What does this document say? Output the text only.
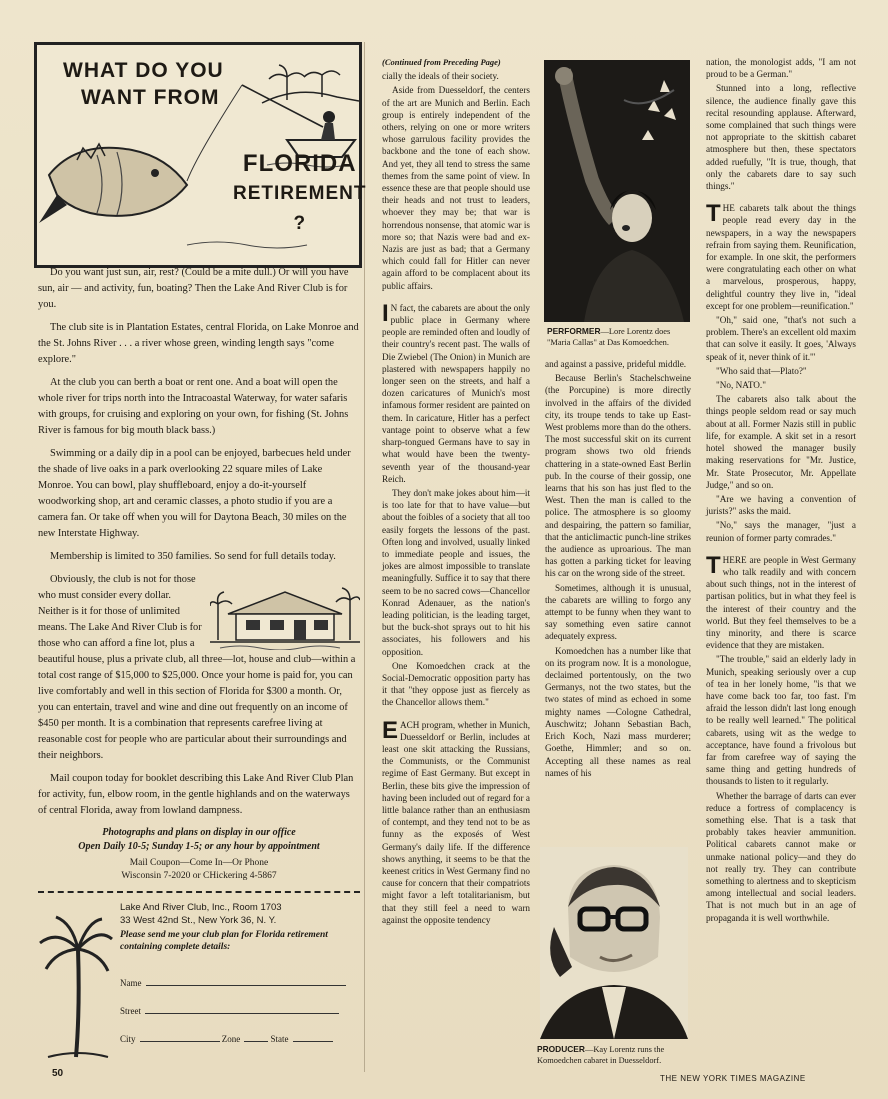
WHAT DO YOU
WANT FROM
FLORIDA
RETIREMENT ?

Do you want just sun, air, rest? (Could be a mite dull.) Or will you have sun, air — and activity, fun, boating? Then the Lake And River Club is for you.

The club site is in Plantation Estates, central Florida, on Lake Monroe and the St. Johns River . . . a river whose green, winding length says "come explore."

At the club you can berth a boat or rent one. And a boat will open the whole river for trips north into the Intracoastal Waterway, for water safaris with groups, for cruising and exploring on your own, for fishing (St. Johns River is famous for big mouth black bass.)

Swimming or a daily dip in a pool can be enjoyed, barbecues held under the shade of live oaks in a park overlooking 22 square miles of Lake Monroe. You can bowl, play shuffleboard, enjoy a do-it-yourself woodworking shop, art and ceramic classes, a photo studio if you are a camera fan. Or take off when you will for Daytona Beach, 30 miles on the new Interstate Highway.

Membership is limited to 350 families. So send for full details today.

Obviously, the club is not for those who must consider every dollar. Neither is it for those of unlimited means. The Lake And River Club is for those who can afford a fine lot, plus a beautiful house, plus a private club, all three—lot, house and club—within a total cost range of $15,000 to $25,000. Once your home is paid for, you can live comfortably and well in this section of Florida for $300 a month. Or, you can entertain, travel and wine and dine out frequently on an income of $450 per month. It is a combination that represents carefree living at reasonable cost for people who are particular about their surroundings and their neighbors.

Mail coupon today for booklet describing this Lake And River Club Plan for activity, fun, elbow room, in the gentle highlands and on the waterways of central Florida, away from lowland dampness.

Photographs and plans on display in our office
Open Daily 10-5; Sunday 1-5; or any hour by appointment
Mail Coupon—Come In—Or Phone
Wisconsin 7-2020 or CHickering 4-5867
Lake And River Club, Inc., Room 1703
33 West 42nd St., New York 36, N. Y.
Please send me your club plan for Florida retirement containing complete details:
Name
Street
City	Zone	State

(Continued from Preceding Page)

cially the ideals of their society.

Aside from Duesseldorf, the centers of the art are Munich and Berlin. Each group is entirely independent of the others, relying on one or more writers whose garrulous facility provides the backbone and the tone of each show. And yet, they all tend to stress the same themes from the same point of view. In essence these are that people should use their heads and not trust to leaders, whoever they may be; that war is horrendous nonsense, that atomic war is more so; that Nazis were bad and ex-Nazis are just as bad; that a Germany which could fall for Hitler can never again afford to be complacent about its public affairs.

I N fact, the cabarets are about the only public place in Germany where people are reminded often and loudly of their country's recent past. The walls of Die Zwiebel (The Onion) in Munich are plastered with newspapers happily no longer seen on the streets, and half a dozen caricatures of Munich's most infamous former resident are painted on them. In caricature, Hitler has a perfect vantage point to observe what a few sharp-tongued Germans have to say in what would have been the twenty-seventh year of the thousand-year Reich.

They don't make jokes about him—it is too late for that to have value—but about the foibles of a society that all too easily forgets the lessons of the past. Often long and involved, usually linked to immediate people and issues, the jokes are almost impossible to translate meaningfully. Suffice it to say that there seem to be no sacred cows—Chancellor Konrad Adenauer, as the nation's leading politician, is the leading target, but the buck-shot sprays out to hit his associates, his followers and his opposition.

One Komoedchen crack at the Social-Democratic opposition party has it that "they oppose just as fiercely as the Chancellor allows them."

EACH program, whether in Munich, Duesseldorf or Berlin, includes at least one skit attacking the Russians, the Communists, or the Communist regime of East Germany. But except in Berlin, these bits give the impression of having been included out of regard for a little balance rather than an enthusiasm of contempt, and they tend not to be as funny as the exposés of West Germany's daily life. If the difference shows anything, it seems to be that the keenest critics in West Germany find no cause for concern that their compatriots might favor a left totalitarianism, but that they still feel a need to warn against the opposite tendency

PERFORMER—Lore Lorentz does "Maria Callas" at Das Komoedchen.

and against a passive, prideful middle.

Because Berlin's Stachelschweine (the Porcupine) is more directly involved in the affairs of the divided city, its troupe tends to take up East-West problems more than do the others. The most successful skit on its current program shows two old friends chattering in a state-owned East Berlin pub. In the course of their gossip, one learns that his son has just fled to the West. Then the man is called to the police. The atmosphere is so gloomy and despairing, the pattern so familiar, that the anticlimactic punch-line strikes the audience as uproarious. The man has gotten a parking ticket for leaving his car on the wrong side of the street.

Sometimes, although it is unusual, the cabarets are willing to forgo any attempt to be funny when they want to say something even satire cannot adequately express.

Komoedchen has a number like that on its program now. It is a monologue, declaimed portentously, on the two Germanys, not the two states, but the two states of mind as echoed in some mighty names —Cologne Cathedral, Auschwitz; Johann Sebastian Bach, Erich Koch, Nazi mass murderer; Goethe, Himmler; and so on. Accepting all these names as real names of his

PRODUCER—Kay Lorentz runs the Komoedchen cabaret in Duesseldorf.

nation, the monologist adds, "I am not proud to be a German."

Stunned into a long, reflective silence, the audience finally gave this recital resounding applause. Afterward, some complained that such things were not appropriate to the skittish cabaret atmosphere but then, these spectators added ruefully, "It is true, though, that only the cabarets dare to say such things."

THE cabarets talk about the things people read every day in the newspapers, in a way the newspapers refrain from saying them. Reunification, for example. In one skit, the performers were congratulating each other on what a marvelous, prosperous, happy, delightful country they live in, "ideal except for one problem—reunification."

"Oh," said one, "that's not such a problem. There's an excellent old maxim that can solve it easily. It goes, 'Always speak of it, never think of it.'"

"Who said that—Plato?"

"No, NATO."

The cabarets also talk about the things people seldom read or say much about at all. Former Nazis still in public life, for example. A skit set in a resort hotel showed the manager busily making reservations for "Mr. Justice, Mr. State Prosecutor, Mr. Appellate Judge," and so on.

"Are we having a convention of jurists?" asks the maid.

"No," says the manager, "just a reunion of former party comrades."

THERE are people in West Germany who talk readily and with concern about such things, not in the interest of partisan politics, but in what they feel is the interest of their country and the world. But they feel themselves to be a tiny minority, and there is scarce evidence that they are mistaken.

"The trouble," said an elderly lady in Munich, speaking seriously over a cup of tea in her lonely home, "is that we have come back too far, too fast. I'm afraid the lesson didn't last long enough to be really well learned." The political cabarets, using wit as the wedge to acceptance, have found a frivolous but far from carefree way of saying the same thing and getting hundreds of thousands to listen to it regularly.

Whether the barrage of darts can ever reduce a fortress of complacency is something else. That is a task that probably takes heavier ammunition. Political cabarets cannot make or unmake national policy—and they do not really try. They can contribute something to alertness and to skepticism among intellectual and social leaders. That is not much but in an age of propaganda it is well worthwhile.

50	THE NEW YORK TIMES MAGAZINE
